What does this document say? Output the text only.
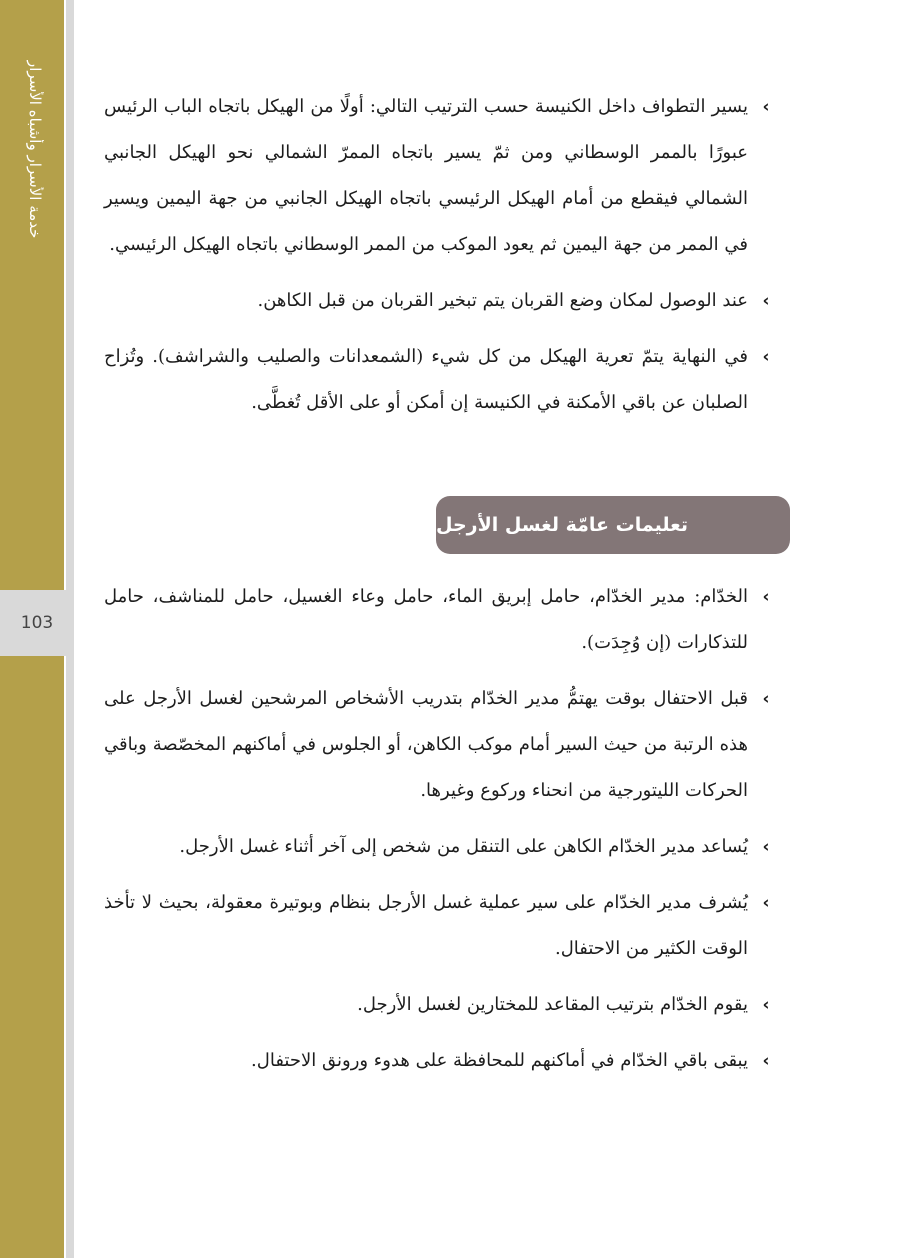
خدمة الأسرار وأشباه الأسرار
103
›
يسير التطواف داخل الكنيسة حسب الترتيب التالي: أولًا من الهيكل باتجاه الباب الرئيس عبورًا بالممر الوسطاني ومن ثمّ يسير باتجاه الممرّ الشمالي نحو الهيكل الجانبي الشمالي فيقطع من أمام الهيكل الرئيسي باتجاه الهيكل الجانبي من جهة اليمين ويسير في الممر من جهة اليمين ثم يعود الموكب من الممر الوسطاني باتجاه الهيكل الرئيسي.
›
عند الوصول لمكان وضع القربان يتم تبخير القربان من قبل الكاهن.
›
في النهاية يتمّ تعرية الهيكل من كل شيء (الشمعدانات والصليب والشراشف). وتُزاح الصلبان عن باقي الأمكنة في الكنيسة إن أمكن أو على الأقل تُغطَّى.
تعليمات عامّة لغسل الأرجل
›
الخدّام: مدير الخدّام، حامل إبريق الماء، حامل وعاء الغسيل، حامل للمناشف، حامل للتذكارات (إن وُجِدَت).
›
قبل الاحتفال بوقت يهتمُّ مدير الخدّام بتدريب الأشخاص المرشحين لغسل الأرجل على هذه الرتبة من حيث السير أمام موكب الكاهن، أو الجلوس في أماكنهم المخصّصة وباقي الحركات الليتورجية من انحناء وركوع وغيرها.
›
يُساعد مدير الخدّام الكاهن على التنقل من شخص إلى آخر أثناء غسل الأرجل.
›
يُشرف مدير الخدّام على سير عملية غسل الأرجل بنظام وبوتيرة معقولة، بحيث لا تأخذ الوقت الكثير من الاحتفال.
›
يقوم الخدّام بترتيب المقاعد للمختارين لغسل الأرجل.
›
يبقى باقي الخدّام في أماكنهم للمحافظة على هدوء ورونق الاحتفال.
